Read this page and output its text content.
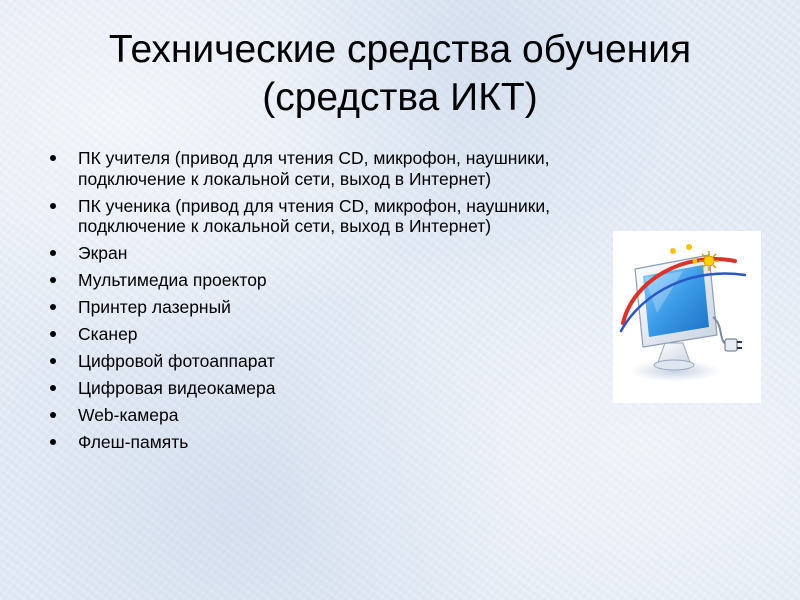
Технические средства обучения
(средства ИКТ)
ПК учителя (привод для чтения CD, микрофон, наушники, подключение к локальной сети, выход в Интернет)
ПК ученика (привод для чтения CD, микрофон, наушники, подключение к локальной сети, выход в Интернет)
Экран
Мультимедиа проектор
Принтер лазерный
Сканер
Цифровой фотоаппарат
Цифровая видеокамера
Web-камера
Флеш-память
